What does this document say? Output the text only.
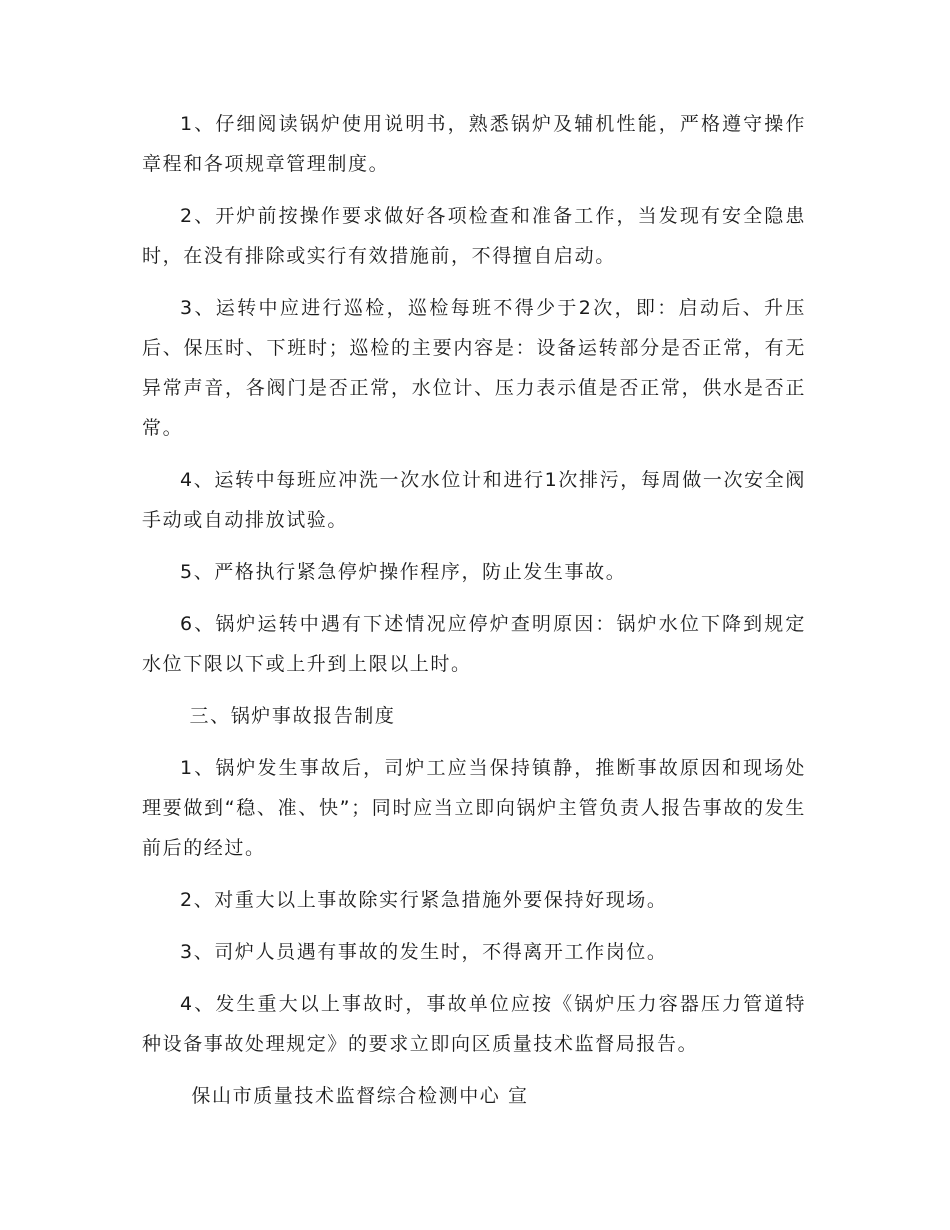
1、仔细阅读锅炉使用说明书，熟悉锅炉及辅机性能，严格遵守操作章程和各项规章管理制度。

2、开炉前按操作要求做好各项检查和准备工作，当发现有安全隐患时，在没有排除或实行有效措施前，不得擅自启动。

3、运转中应进行巡检，巡检每班不得少于2次，即：启动后、升压后、保压时、下班时；巡检的主要内容是：设备运转部分是否正常，有无异常声音，各阀门是否正常，水位计、压力表示值是否正常，供水是否正常。

4、运转中每班应冲洗一次水位计和进行1次排污，每周做一次安全阀手动或自动排放试验。

5、严格执行紧急停炉操作程序，防止发生事故。

6、锅炉运转中遇有下述情况应停炉查明原因：锅炉水位下降到规定水位下限以下或上升到上限以上时。

三、锅炉事故报告制度

1、锅炉发生事故后，司炉工应当保持镇静，推断事故原因和现场处理要做到“稳、准、快”；同时应当立即向锅炉主管负责人报告事故的发生前后的经过。

2、对重大以上事故除实行紧急措施外要保持好现场。

3、司炉人员遇有事故的发生时，不得离开工作岗位。

4、发生重大以上事故时，事故单位应按《锅炉压力容器压力管道特种设备事故处理规定》的要求立即向区质量技术监督局报告。

保山市质量技术监督综合检测中心 宣
